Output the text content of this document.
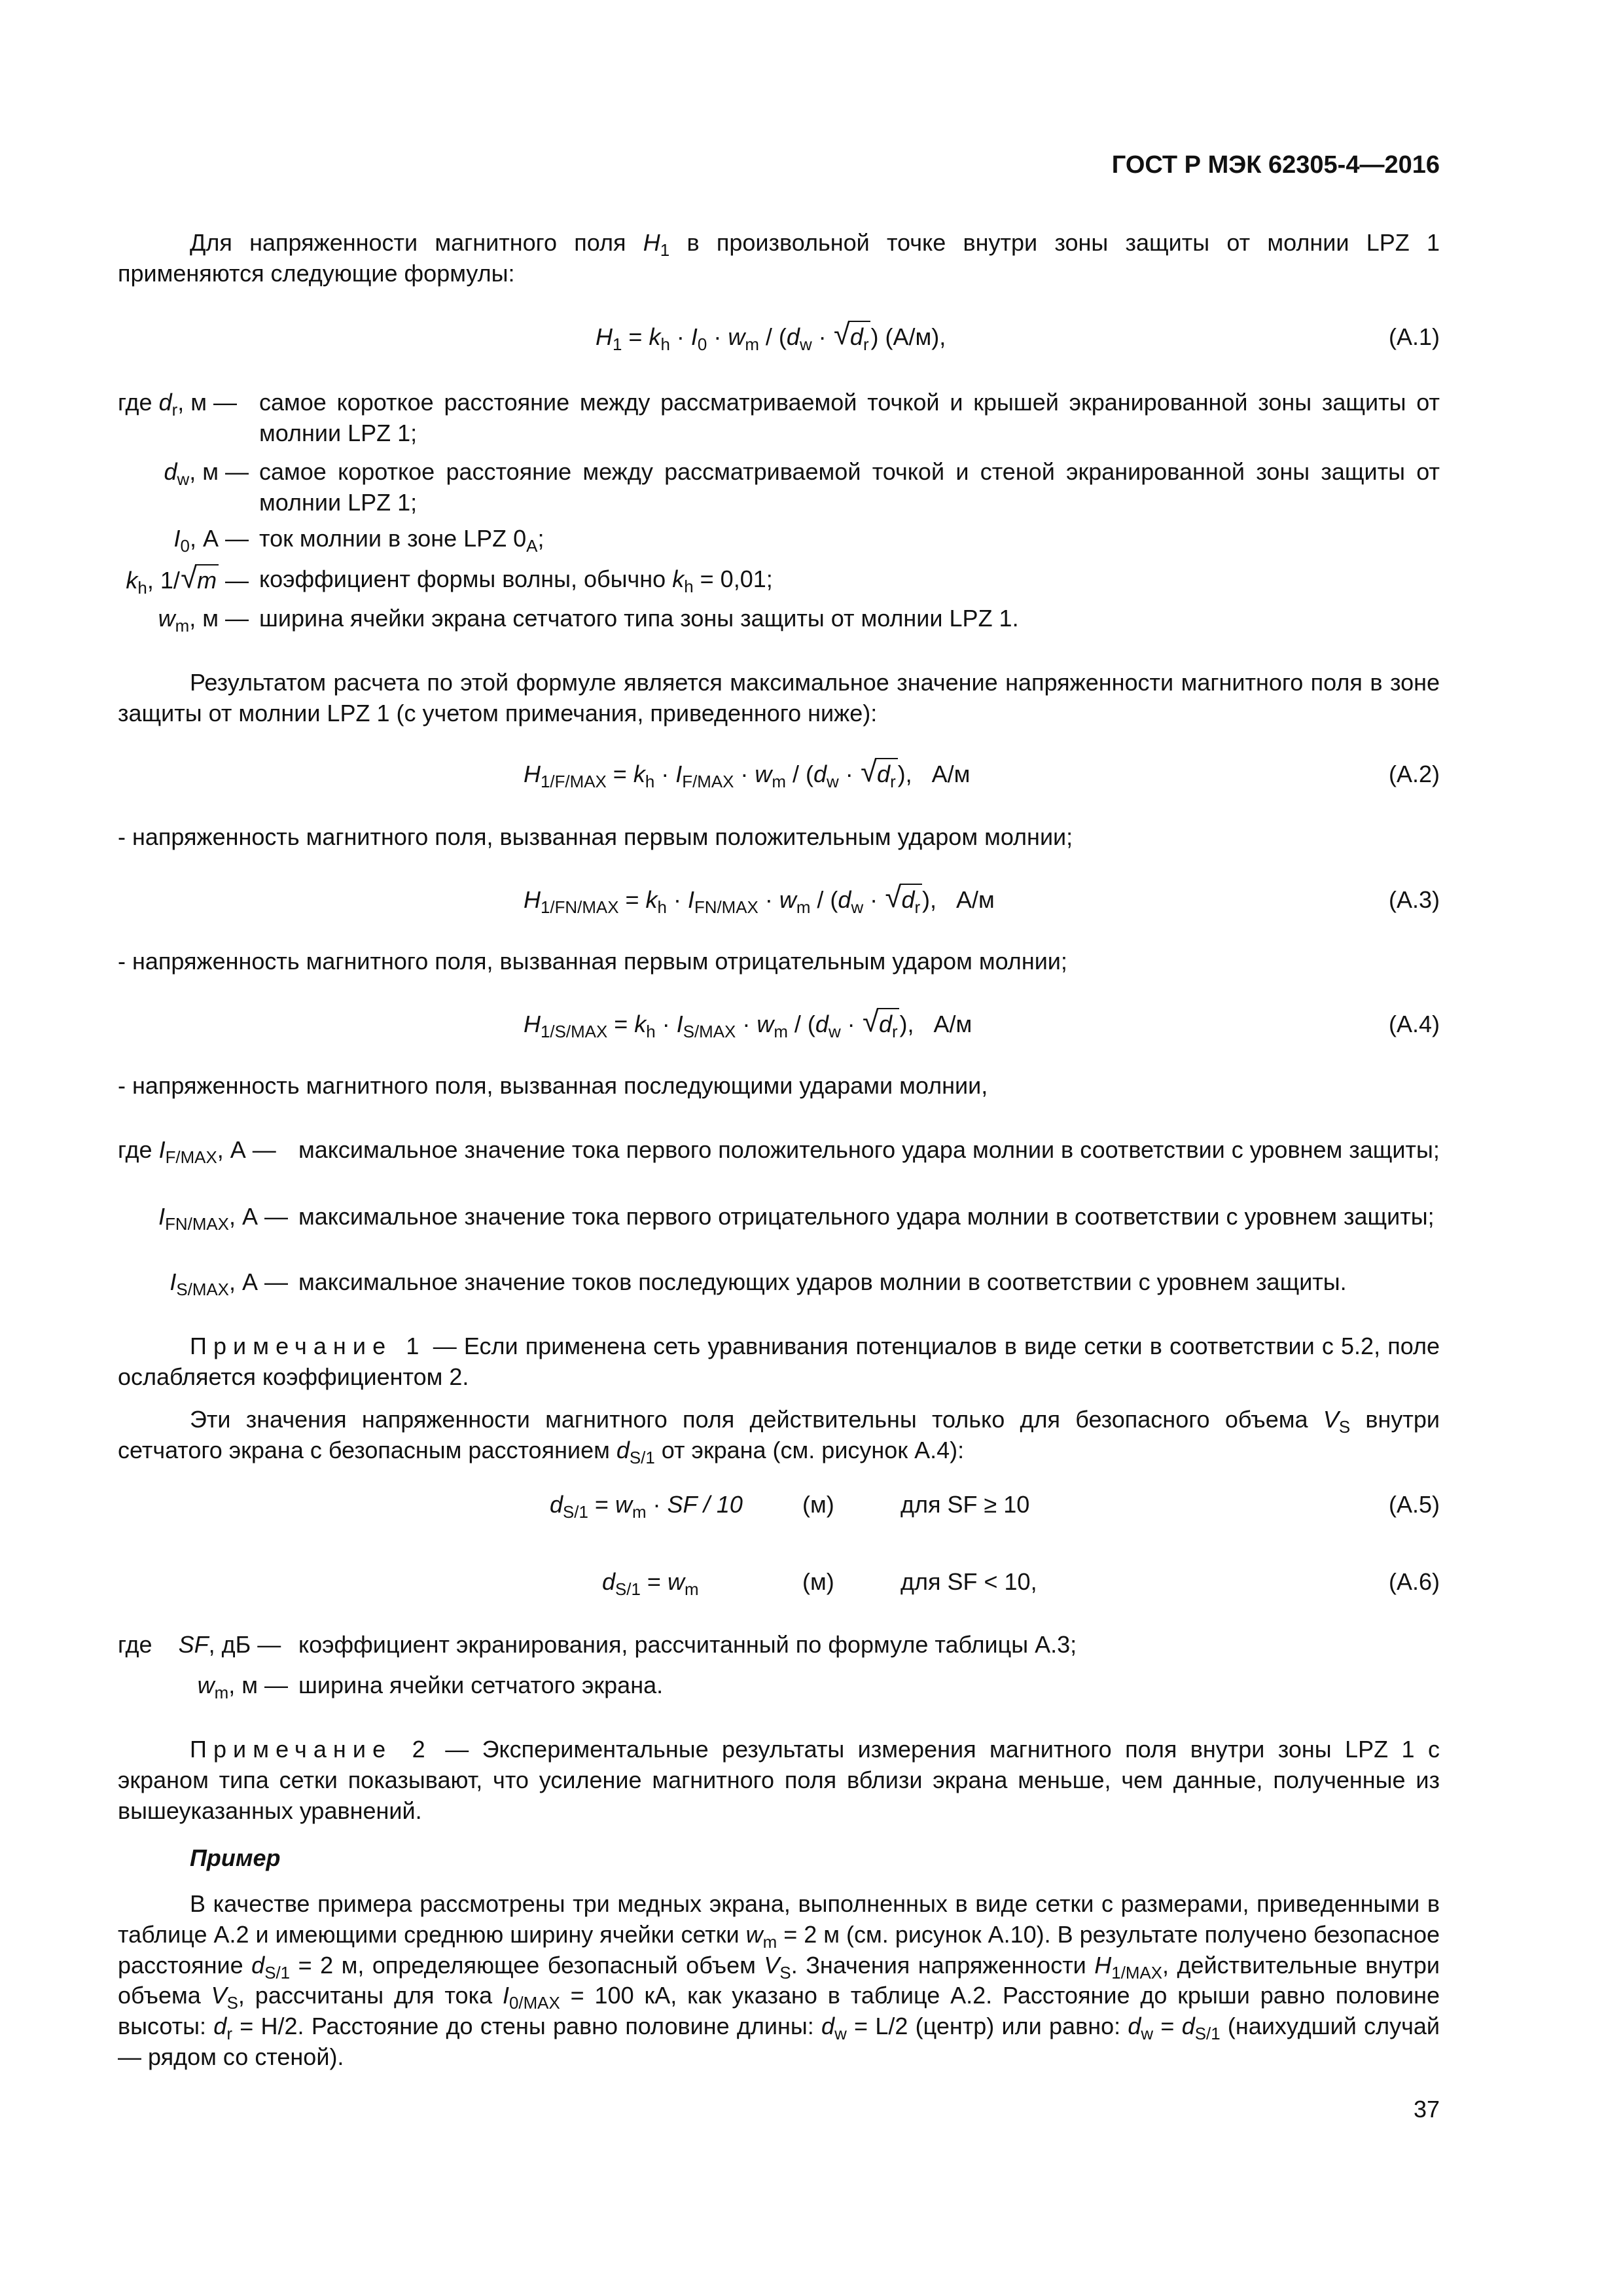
ГОСТ Р МЭК 62305-4—2016
Для напряженности магнитного поля $H_1$ в произвольной точке внутри зоны защиты от молнии LPZ 1 применяются следующие формулы:
$H_1 = k_h \cdot I_0 \cdot w_m / (d_w$ · √ $d_r$) (А/м),	(A.1)
где $d_r$, м — самое короткое расстояние между рассматриваемой точкой и крышей экранированной зоны защиты от молнии LPZ 1;
$d_w$, м — самое короткое расстояние между рассматриваемой точкой и стеной экранированной зоны защиты от молнии LPZ 1;
$I_0$, А — ток молнии в зоне LPZ $0_A$;
$k_h$, 1/√ m — коэффициент формы волны, обычно $k_h = 0,01$;
$w_m$, м — ширина ячейки экрана сетчатого типа зоны защиты от молнии LPZ 1.
Результатом расчета по этой формуле является максимальное значение напряженности магнитного поля в зоне защиты от молнии LPZ 1 (с учетом примечания, приведенного ниже):
$H_{1/F/MAX} = k_h \cdot I_{F/MAX} \cdot w_m / (d_w$ · √ $d_r$),   А/м	(A.2)
- напряженность магнитного поля, вызванная первым положительным ударом молнии;
$H_{1/FN/MAX} = k_h \cdot I_{FN/MAX} \cdot w_m / (d_w$ · √ $d_r$),   А/м	(A.3)
- напряженность магнитного поля, вызванная первым отрицательным ударом молнии;
$H_{1/S/MAX} = k_h \cdot I_{S/MAX} \cdot w_m / (d_w$ · √ $d_r$),   А/м	(A.4)
- напряженность магнитного поля, вызванная последующими ударами молнии,
где $I_{F/MAX}$, А — максимальное значение тока первого положительного удара молнии в соответствии с уровнем защиты;
$I_{FN/MAX}$, А — максимальное значение тока первого отрицательного удара молнии в соответствии с уровнем защиты;
$I_{S/MAX}$, А — максимальное значение токов последующих ударов молнии в соответствии с уровнем защиты.
Примечание 1 — Если применена сеть уравнивания потенциалов в виде сетки в соответствии с 5.2, поле ослабляется коэффициентом 2.
Эти значения напряженности магнитного поля действительны только для безопасного объема $V_S$ внутри сетчатого экрана с безопасным расстоянием $d_{S/1}$ от экрана (см. рисунок A.4):
$d_{S/1} = w_m$ · SF / 10	(м)	для SF ≥ 10	(A.5)
$d_{S/1} = w_m$	(м)	для SF < 10,	(A.6)
где SF, дБ — коэффициент экранирования, рассчитанный по формуле таблицы A.3;
$w_m$, м — ширина ячейки сетчатого экрана.
Примечание 2 — Экспериментальные результаты измерения магнитного поля внутри зоны LPZ 1 с экраном типа сетки показывают, что усиление магнитного поля вблизи экрана меньше, чем данные, полученные из вышеуказанных уравнений.
Пример
В качестве примера рассмотрены три медных экрана, выполненных в виде сетки с размерами, приведенными в таблице A.2 и имеющими среднюю ширину ячейки сетки $w_m = 2$ м (см. рисунок A.10). В результате получено безопасное расстояние $d_{S/1} = 2$ м, определяющее безопасный объем $V_S$. Значения напряженности $H_{1/MAX}$, действительные внутри объема $V_S$, рассчитаны для тока $I_{0/MAX} = 100$ кА, как указано в таблице A.2. Расстояние до крыши равно половине высоты: $d_r = H/2$. Расстояние до стены равно половине длины: $d_w = L/2$ (центр) или равно: $d_w = d_{S/1}$ (наихудший случай — рядом со стеной).
37
